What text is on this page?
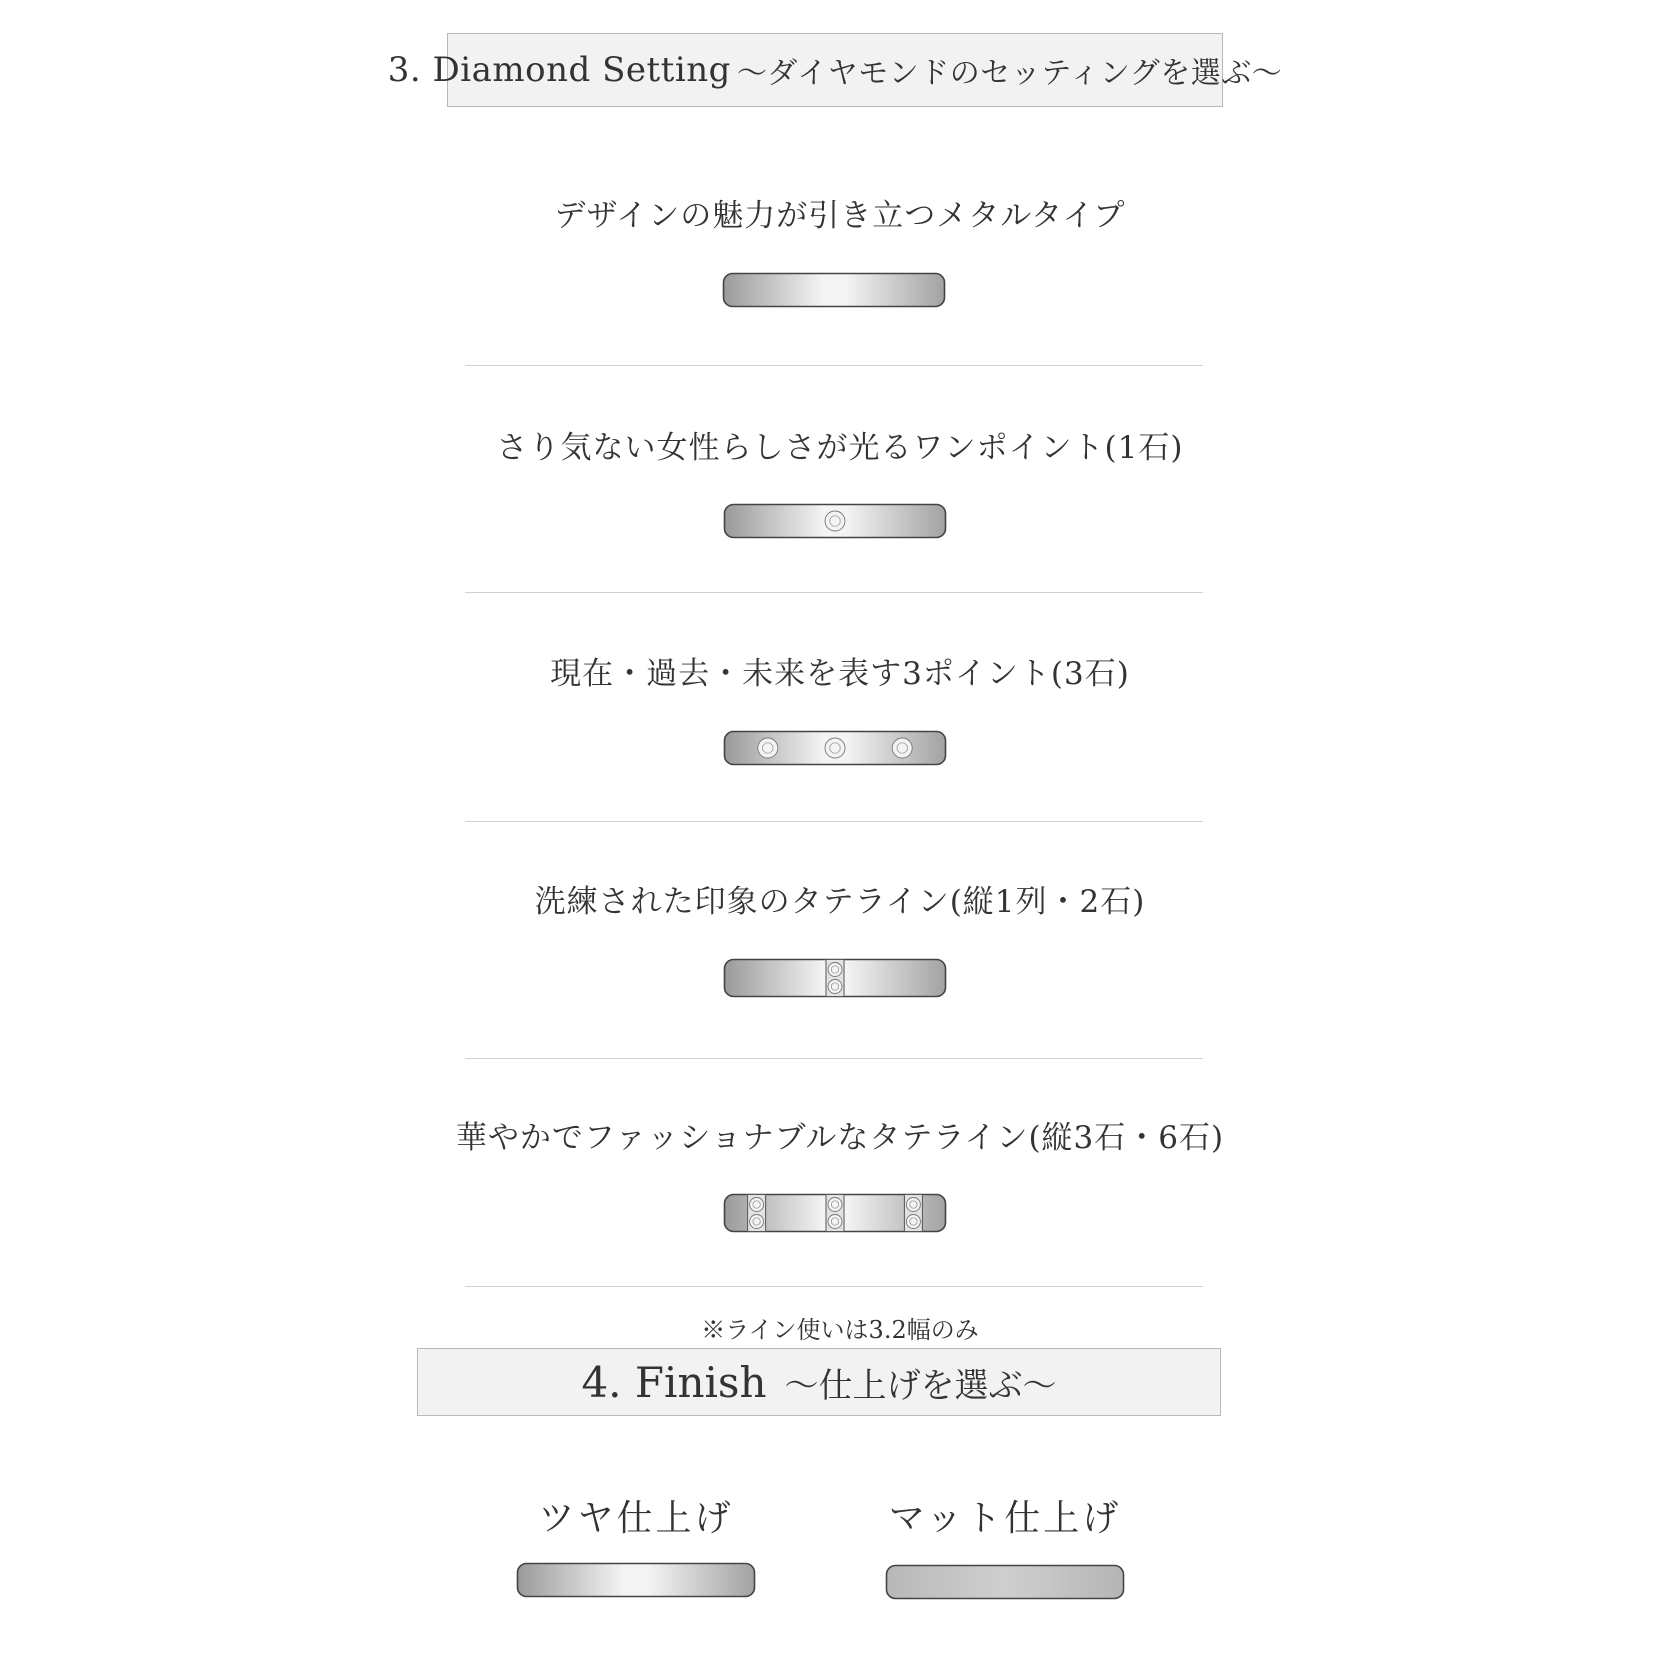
3. Diamond Setting ～ダイヤモンドのセッティングを選ぶ～
デザインの魅力が引き立つメタルタイプ
さり気ない女性らしさが光るワンポイント(1石)
現在・過去・未来を表す3ポイント(3石)
洗練された印象のタテライン(縦1列・2石)
華やかでファッショナブルなタテライン(縦3石・6石)
※ライン使いは3.2幅のみ
4. Finish ～仕上げを選ぶ～
ツヤ仕上げ	マット仕上げ
